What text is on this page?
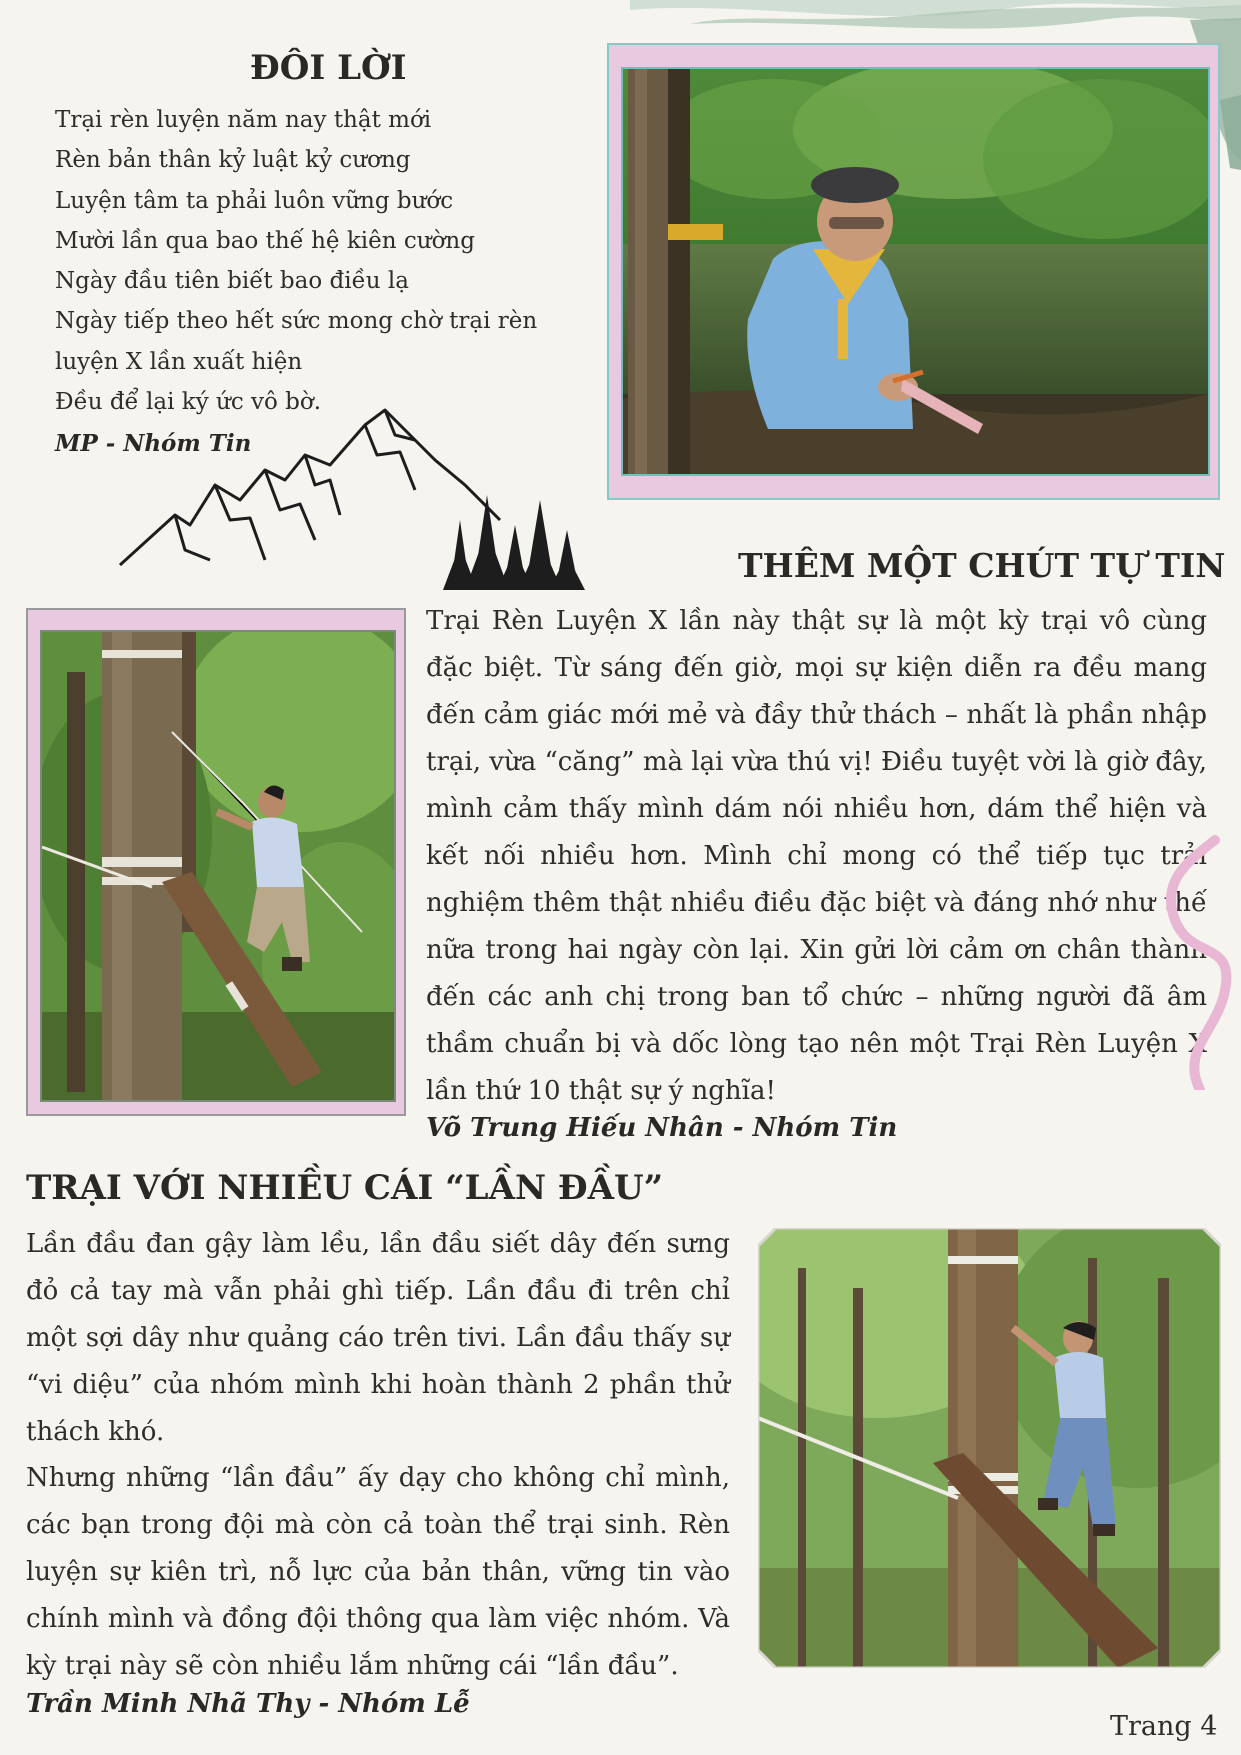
ĐÔI LỜI
Trại rèn luyện năm nay thật mới
Rèn bản thân kỷ luật kỷ cương
Luyện tâm ta phải luôn vững bước
Mười lần qua bao thế hệ kiên cường
Ngày đầu tiên biết bao điều lạ
Ngày tiếp theo hết sức mong chờ trại rèn
luyện X lần xuất hiện
Đều để lại ký ức vô bờ.
MP - Nhóm Tin
THÊM MỘT CHÚT TỰ TIN

Trại Rèn Luyện X lần này thật sự là một kỳ trại vô cùng đặc biệt. Từ sáng đến giờ, mọi sự kiện diễn ra đều mang đến cảm giác mới mẻ và đầy thử thách – nhất là phần nhập trại, vừa “căng” mà lại vừa thú vị! Điều tuyệt vời là giờ đây, mình cảm thấy mình dám nói nhiều hơn, dám thể hiện và kết nối nhiều hơn. Mình chỉ mong có thể tiếp tục trải nghiệm thêm thật nhiều điều đặc biệt và đáng nhớ như thế nữa trong hai ngày còn lại. Xin gửi lời cảm ơn chân thành đến các anh chị trong ban tổ chức – những người đã âm thầm chuẩn bị và dốc lòng tạo nên một Trại Rèn Luyện X lần thứ 10 thật sự ý nghĩa!

Võ Trung Hiếu Nhân - Nhóm Tin
TRẠI VỚI NHIỀU CÁI “LẦN ĐẦU”

Lần đầu đan gậy làm lều, lần đầu siết dây đến sưng đỏ cả tay mà vẫn phải ghì tiếp. Lần đầu đi trên chỉ một sợi dây như quảng cáo trên tivi. Lần đầu thấy sự “vi diệu” của nhóm mình khi hoàn thành 2 phần thử thách khó.

Nhưng những “lần đầu” ấy dạy cho không chỉ mình, các bạn trong đội mà còn cả toàn thể trại sinh. Rèn luyện sự kiên trì, nỗ lực của bản thân, vững tin vào chính mình và đồng đội thông qua làm việc nhóm. Và kỳ trại này sẽ còn nhiều lắm những cái “lần đầu”.

Trần Minh Nhã Thy - Nhóm Lễ
Trang 4
